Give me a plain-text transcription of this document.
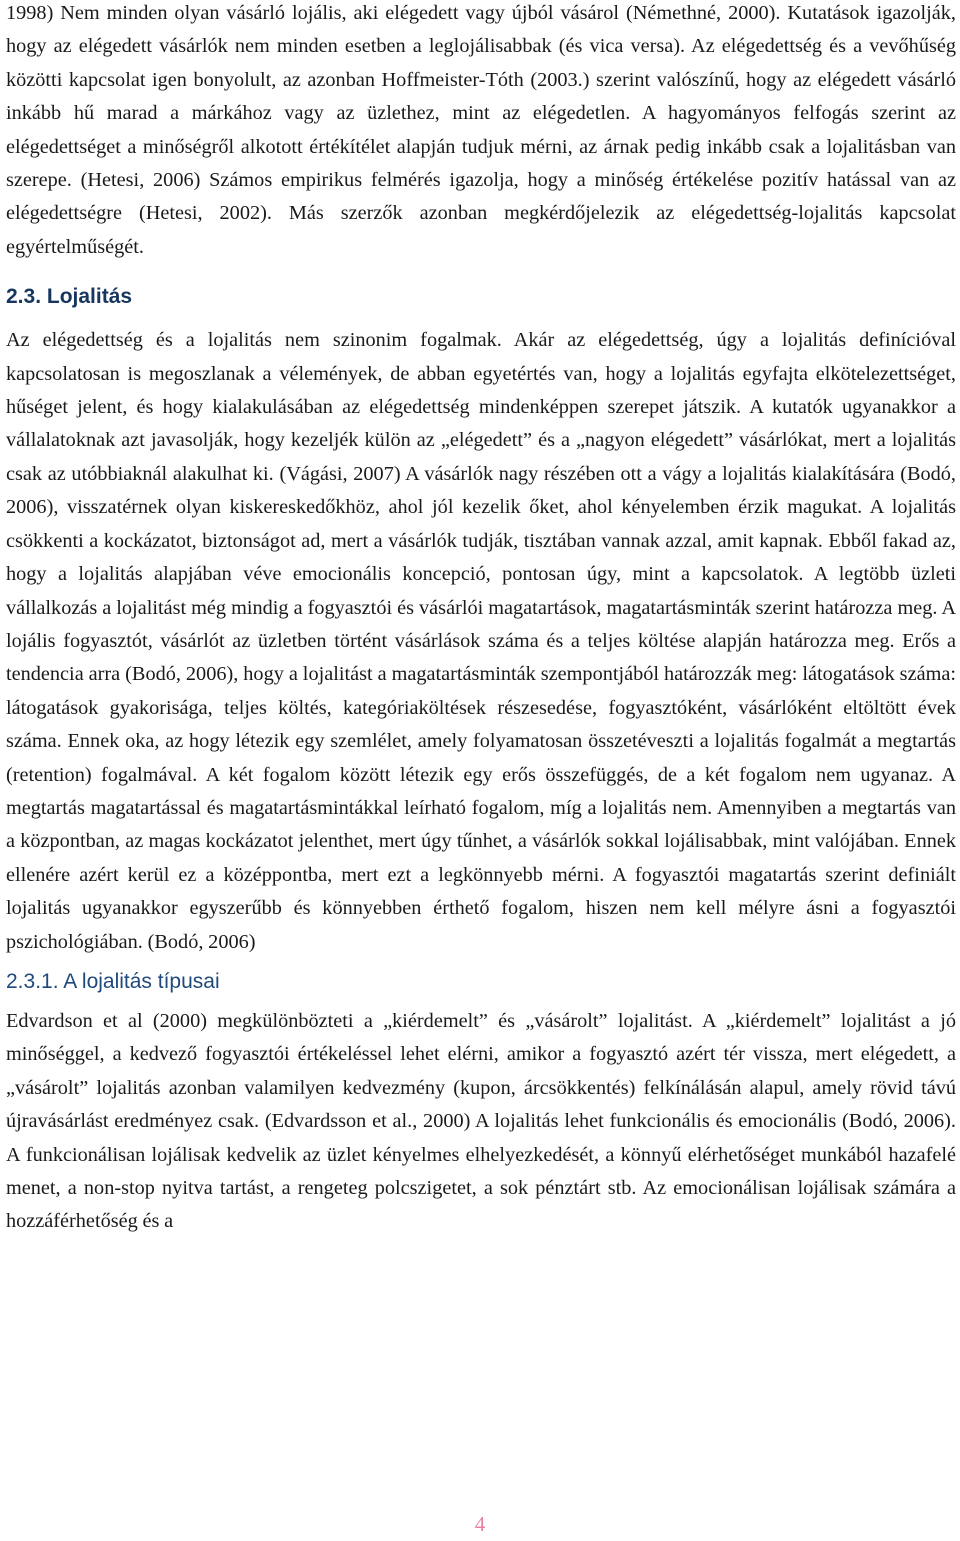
1998) Nem minden olyan vásárló lojális, aki elégedett vagy újból vásárol (Némethné, 2000). Kutatások igazolják, hogy az elégedett vásárlók nem minden esetben a leglojálisabbak (és vica versa). Az elégedettség és a vevőhűség közötti kapcsolat igen bonyolult, az azonban Hoffmeister-Tóth (2003.) szerint valószínű, hogy az elégedett vásárló inkább hű marad a márkához vagy az üzlethez, mint az elégedetlen. A hagyományos felfogás szerint az elégedettséget a minőségről alkotott értékítélet alapján tudjuk mérni, az árnak pedig inkább csak a lojalitásban van szerepe. (Hetesi, 2006) Számos empirikus felmérés igazolja, hogy a minőség értékelése pozitív hatással van az elégedettségre (Hetesi, 2002). Más szerzők azonban megkérdőjelezik az elégedettség-lojalitás kapcsolat egyértelműségét.

2.3. Lojalitás

Az elégedettség és a lojalitás nem szinonim fogalmak. Akár az elégedettség, úgy a lojalitás definícióval kapcsolatosan is megoszlanak a vélemények, de abban egyetértés van, hogy a lojalitás egyfajta elkötelezettséget, hűséget jelent, és hogy kialakulásában az elégedettség mindenképpen szerepet játszik. A kutatók ugyanakkor a vállalatoknak azt javasolják, hogy kezeljék külön az „elégedett” és a „nagyon elégedett” vásárlókat, mert a lojalitás csak az utóbbiaknál alakulhat ki. (Vágási, 2007) A vásárlók nagy részében ott a vágy a lojalitás kialakítására (Bodó, 2006), visszatérnek olyan kiskereskedőkhöz, ahol jól kezelik őket, ahol kényelemben érzik magukat. A lojalitás csökkenti a kockázatot, biztonságot ad, mert a vásárlók tudják, tisztában vannak azzal, amit kapnak. Ebből fakad az, hogy a lojalitás alapjában véve emocionális koncepció, pontosan úgy, mint a kapcsolatok. A legtöbb üzleti vállalkozás a lojalitást még mindig a fogyasztói és vásárlói magatartások, magatartásminták szerint határozza meg. A lojális fogyasztót, vásárlót az üzletben történt vásárlások száma és a teljes költése alapján határozza meg. Erős a tendencia arra (Bodó, 2006), hogy a lojalitást a magatartásminták szempontjából határozzák meg: látogatások száma: látogatások gyakorisága, teljes költés, kategóriaköltések részesedése, fogyasztóként, vásárlóként eltöltött évek száma. Ennek oka, az hogy létezik egy szemlélet, amely folyamatosan összetéveszti a lojalitás fogalmát a megtartás (retention) fogalmával. A két fogalom között létezik egy erős összefüggés, de a két fogalom nem ugyanaz. A megtartás magatartással és magatartásmintákkal leírható fogalom, míg a lojalitás nem. Amennyiben a megtartás van a központban, az magas kockázatot jelenthet, mert úgy tűnhet, a vásárlók sokkal lojálisabbak, mint valójában. Ennek ellenére azért kerül ez a középpontba, mert ezt a legkönnyebb mérni. A fogyasztói magatartás szerint definiált lojalitás ugyanakkor egyszerűbb és könnyebben érthető fogalom, hiszen nem kell mélyre ásni a fogyasztói pszichológiában. (Bodó, 2006)

2.3.1. A lojalitás típusai

Edvardson et al (2000) megkülönbözteti a „kiérdemelt” és „vásárolt” lojalitást. A „kiérdemelt” lojalitást a jó minőséggel, a kedvező fogyasztói értékeléssel lehet elérni, amikor a fogyasztó azért tér vissza, mert elégedett, a „vásárolt” lojalitás azonban valamilyen kedvezmény (kupon, árcsökkentés) felkínálásán alapul, amely rövid távú újravásárlást eredményez csak. (Edvardsson et al., 2000) A lojalitás lehet funkcionális és emocionális (Bodó, 2006). A funkcionálisan lojálisak kedvelik az üzlet kényelmes elhelyezkedését, a könnyű elérhetőséget munkából hazafelé menet, a non-stop nyitva tartást, a rengeteg polcszigetet, a sok pénztárt stb. Az emocionálisan lojálisak számára a hozzáférhetőség és a

4
